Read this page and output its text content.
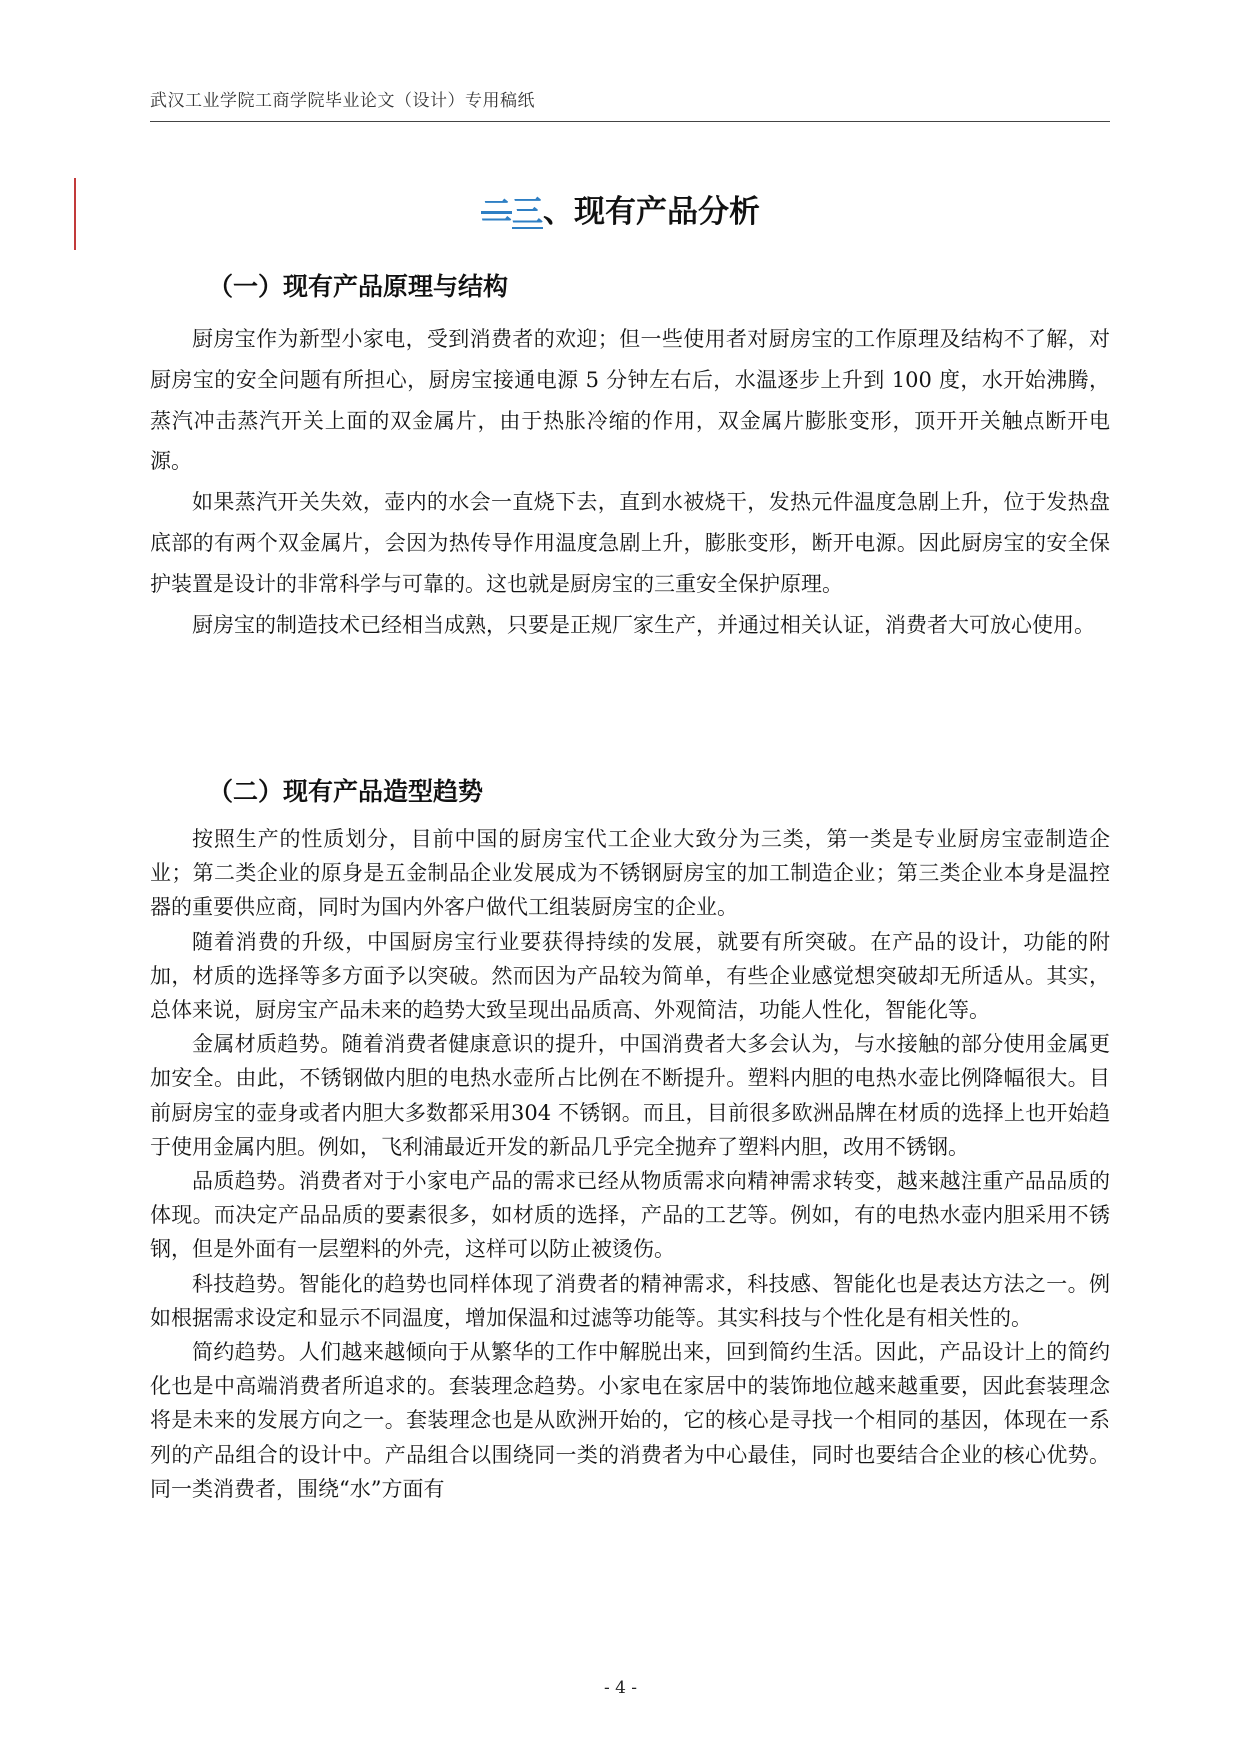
武汉工业学院工商学院毕业论文（设计）专用稿纸
二三、现有产品分析
（一）现有产品原理与结构

厨房宝作为新型小家电，受到消费者的欢迎；但一些使用者对厨房宝的工作原理及结构不了解，对厨房宝的安全问题有所担心，厨房宝接通电源 5 分钟左右后，水温逐步上升到 100 度，水开始沸腾，蒸汽冲击蒸汽开关上面的双金属片，由于热胀冷缩的作用，双金属片膨胀变形，顶开开关触点断开电源。

如果蒸汽开关失效，壶内的水会一直烧下去，直到水被烧干，发热元件温度急剧上升，位于发热盘底部的有两个双金属片，会因为热传导作用温度急剧上升，膨胀变形，断开电源。因此厨房宝的安全保护装置是设计的非常科学与可靠的。这也就是厨房宝的三重安全保护原理。

厨房宝的制造技术已经相当成熟，只要是正规厂家生产，并通过相关认证，消费者大可放心使用。

（二）现有产品造型趋势

按照生产的性质划分，目前中国的厨房宝代工企业大致分为三类，第一类是专业厨房宝壶制造企业；第二类企业的原身是五金制品企业发展成为不锈钢厨房宝的加工制造企业；第三类企业本身是温控器的重要供应商，同时为国内外客户做代工组装厨房宝的企业。

随着消费的升级，中国厨房宝行业要获得持续的发展，就要有所突破。在产品的设计，功能的附加，材质的选择等多方面予以突破。然而因为产品较为简单，有些企业感觉想突破却无所适从。其实，总体来说，厨房宝产品未来的趋势大致呈现出品质高、外观简洁，功能人性化，智能化等。

金属材质趋势。随着消费者健康意识的提升，中国消费者大多会认为，与水接触的部分使用金属更加安全。由此，不锈钢做内胆的电热水壶所占比例在不断提升。塑料内胆的电热水壶比例降幅很大。目前厨房宝的壶身或者内胆大多数都采用304 不锈钢。而且，目前很多欧洲品牌在材质的选择上也开始趋于使用金属内胆。例如，飞利浦最近开发的新品几乎完全抛弃了塑料内胆，改用不锈钢。

品质趋势。消费者对于小家电产品的需求已经从物质需求向精神需求转变，越来越注重产品品质的体现。而决定产品品质的要素很多，如材质的选择，产品的工艺等。例如，有的电热水壶内胆采用不锈钢，但是外面有一层塑料的外壳，这样可以防止被烫伤。

科技趋势。智能化的趋势也同样体现了消费者的精神需求，科技感、智能化也是表达方法之一。例如根据需求设定和显示不同温度，增加保温和过滤等功能等。其实科技与个性化是有相关性的。

简约趋势。人们越来越倾向于从繁华的工作中解脱出来，回到简约生活。因此，产品设计上的简约化也是中高端消费者所追求的。套装理念趋势。小家电在家居中的装饰地位越来越重要，因此套装理念将是未来的发展方向之一。套装理念也是从欧洲开始的，它的核心是寻找一个相同的基因，体现在一系列的产品组合的设计中。产品组合以围绕同一类的消费者为中心最佳，同时也要结合企业的核心优势。同一类消费者，围绕“水”方面有

- 4 -
